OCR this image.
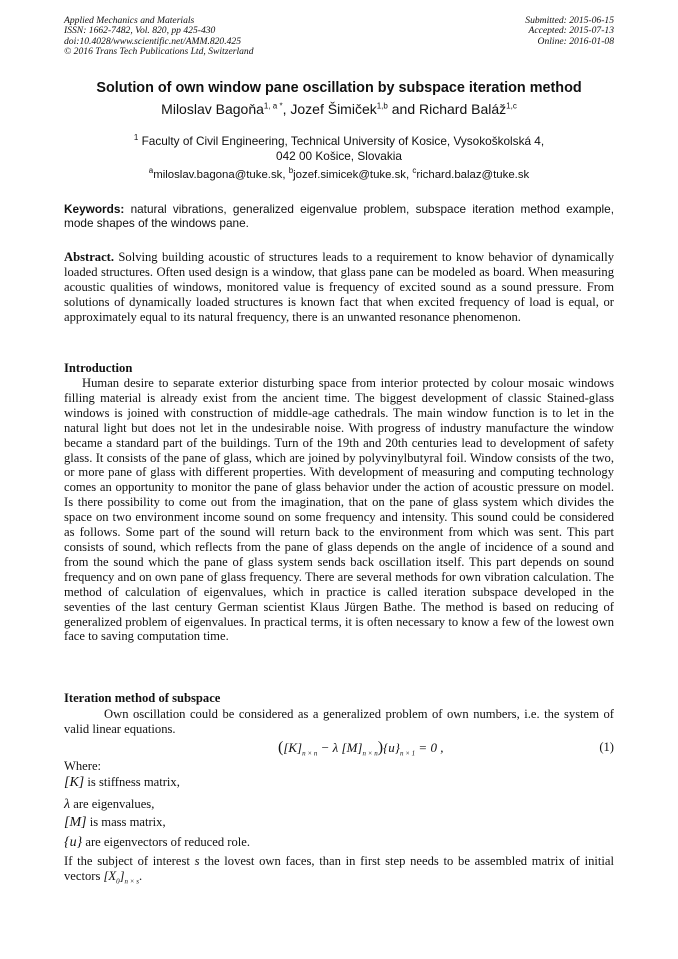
Applied Mechanics and Materials
ISSN: 1662-7482, Vol. 820, pp 425-430
doi:10.4028/www.scientific.net/AMM.820.425
© 2016 Trans Tech Publications Ltd, Switzerland
Submitted: 2015-06-15
Accepted: 2015-07-13
Online: 2016-01-08
Solution of own window pane oscillation by subspace iteration method
Miloslav Bagoňa$^{1, a *}$, Jozef Šimiček$^{1,b}$ and Richard Baláž$^{1,c}$
$^1$ Faculty of Civil Engineering, Technical University of Kosice, Vysokoškolská 4,
042 00 Košice, Slovakia
$^a$miloslav.bagona@tuke.sk, $^b$jozef.simicek@tuke.sk, $^c$richard.balaz@tuke.sk
Keywords: natural vibrations, generalized eigenvalue problem, subspace iteration method example, mode shapes of the windows pane.
Abstract. Solving building acoustic of structures leads to a requirement to know behavior of dynamically loaded structures. Often used design is a window, that glass pane can be modeled as board. When measuring acoustic qualities of windows, monitored value is frequency of excited sound as a sound pressure. From solutions of dynamically loaded structures is known fact that when excited frequency of load is equal, or approximately equal to its natural frequency, there is an unwanted resonance phenomenon.
Introduction
Human desire to separate exterior disturbing space from interior protected by colour mosaic windows filling material is already exist from the ancient time. The biggest development of classic Stained-glass windows is joined with construction of middle-age cathedrals. The main window function is to let in the natural light but does not let in the undesirable noise. With progress of industry manufacture the window became a standard part of the buildings. Turn of the 19th and 20th centuries lead to development of safety glass. It consists of the pane of glass, which are joined by polyvinylbutyral foil. Window consists of the two, or more pane of glass with different properties. With development of measuring and computing technology comes an opportunity to monitor the pane of glass behavior under the action of acoustic pressure on model. Is there possibility to come out from the imagination, that on the pane of glass system which divides the space on two environment income sound on some frequency and intensity. This sound could be considered as follows. Some part of the sound will return back to the environment from which was sent. This part consists of sound, which reflects from the pane of glass depends on the angle of incidence of a sound and from the sound which the pane of glass system sends back oscillation itself. This part depends on sound frequency and on own pane of glass frequency. There are several methods for own vibration calculation. The method of calculation of eigenvalues, which in practice is called iteration subspace developed in the seventies of the last century German scientist Klaus Jürgen Bathe. The method is based on reducing of generalized problem of eigenvalues. In practical terms, it is often necessary to know a few of the lowest own face to saving computation time.
Iteration method of subspace
Own oscillation could be considered as a generalized problem of own numbers, i.e. the system of valid linear equations.
($[K]_{n \times n} - \lambda$ $[M]_{n \times n})\{u\}_{n \times 1} = 0$ ,	(1)
Where:
[K] is stiffness matrix,
λ are eigenvalues,
[M] is mass matrix,
{u} are eigenvectors of reduced role.
If the subject of interest s the lovest own faces, than in first step needs to be assembled matrix of initial vectors $[X_0]_{n \times s}$.
